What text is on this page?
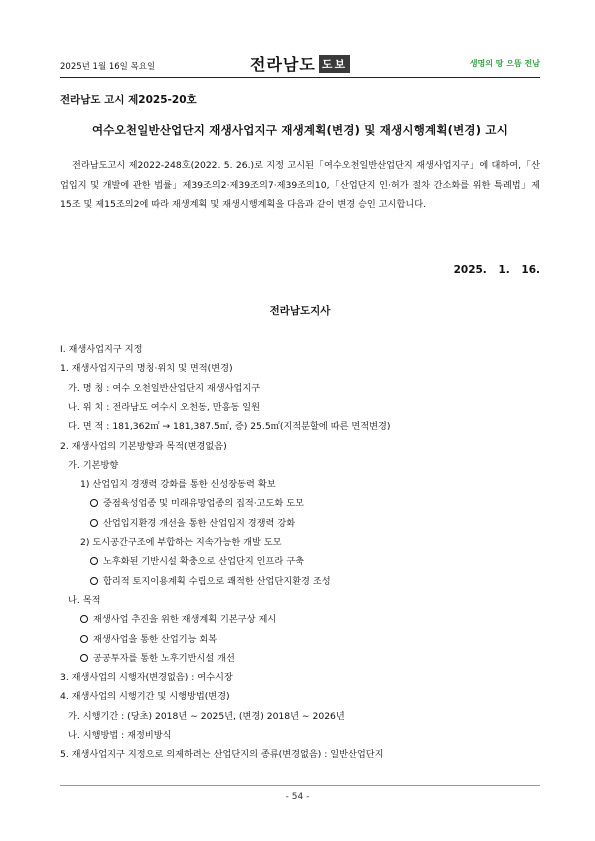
2025년 1월 16일 목요일	전라남도 도보	생명의 땅 으뜸 전남
전라남도 고시 제2025-20호
여수오천일반산업단지 재생사업지구 재생계획(변경) 및 재생시행계획(변경) 고시

전라남도고시 제2022-248호(2022. 5. 26.)로 지정 고시된「여수오천일반산업단지 재생사업지구」에 대하여,「산업입지 및 개발에 관한 법률」제39조의2·제39조의7·제39조의10,「산업단지 인·허가 절차 간소화를 위한 특례법」제15조 및 제15조의2에 따라 재생계획 및 재생시행계획을 다음과 같이 변경 승인 고시합니다.

2025. 1. 16.
전라남도지사
Ⅰ. 재생사업지구 지정
1. 재생사업지구의 명칭·위치 및 면적(변경)
가. 명 칭 : 여수 오천일반산업단지 재생사업지구
나. 위 치 : 전라남도 여수시 오천동, 만흥동 일원
다. 면 적 : 181,362㎡ → 181,387.5㎡, 증) 25.5㎡(지적분할에 따른 면적변경)
2. 재생사업의 기본방향과 목적(변경없음)
가. 기본방향
1) 산업입지 경쟁력 강화를 통한 신성장동력 확보
중점육성업종 및 미래유망업종의 집적·고도화 도모
산업입지환경 개선을 통한 산업입지 경쟁력 강화
2) 도시공간구조에 부합하는 지속가능한 개발 도모
노후화된 기반시설 확충으로 산업단지 인프라 구축
합리적 토지이용계획 수립으로 쾌적한 산업단지환경 조성
나. 목적
재생사업 추진을 위한 재생계획 기본구상 제시
재생사업을 통한 산업기능 회복
공공투자를 통한 노후기반시설 개선
3. 재생사업의 시행자(변경없음) : 여수시장
4. 재생사업의 시행기간 및 시행방법(변경)
가. 시행기간 : (당초) 2018년 ∼ 2025년, (변경) 2018년 ∼ 2026년
나. 시행방법 : 재정비방식
5. 재생사업지구 지정으로 의제하려는 산업단지의 종류(변경없음) : 일반산업단지
- 54 -
